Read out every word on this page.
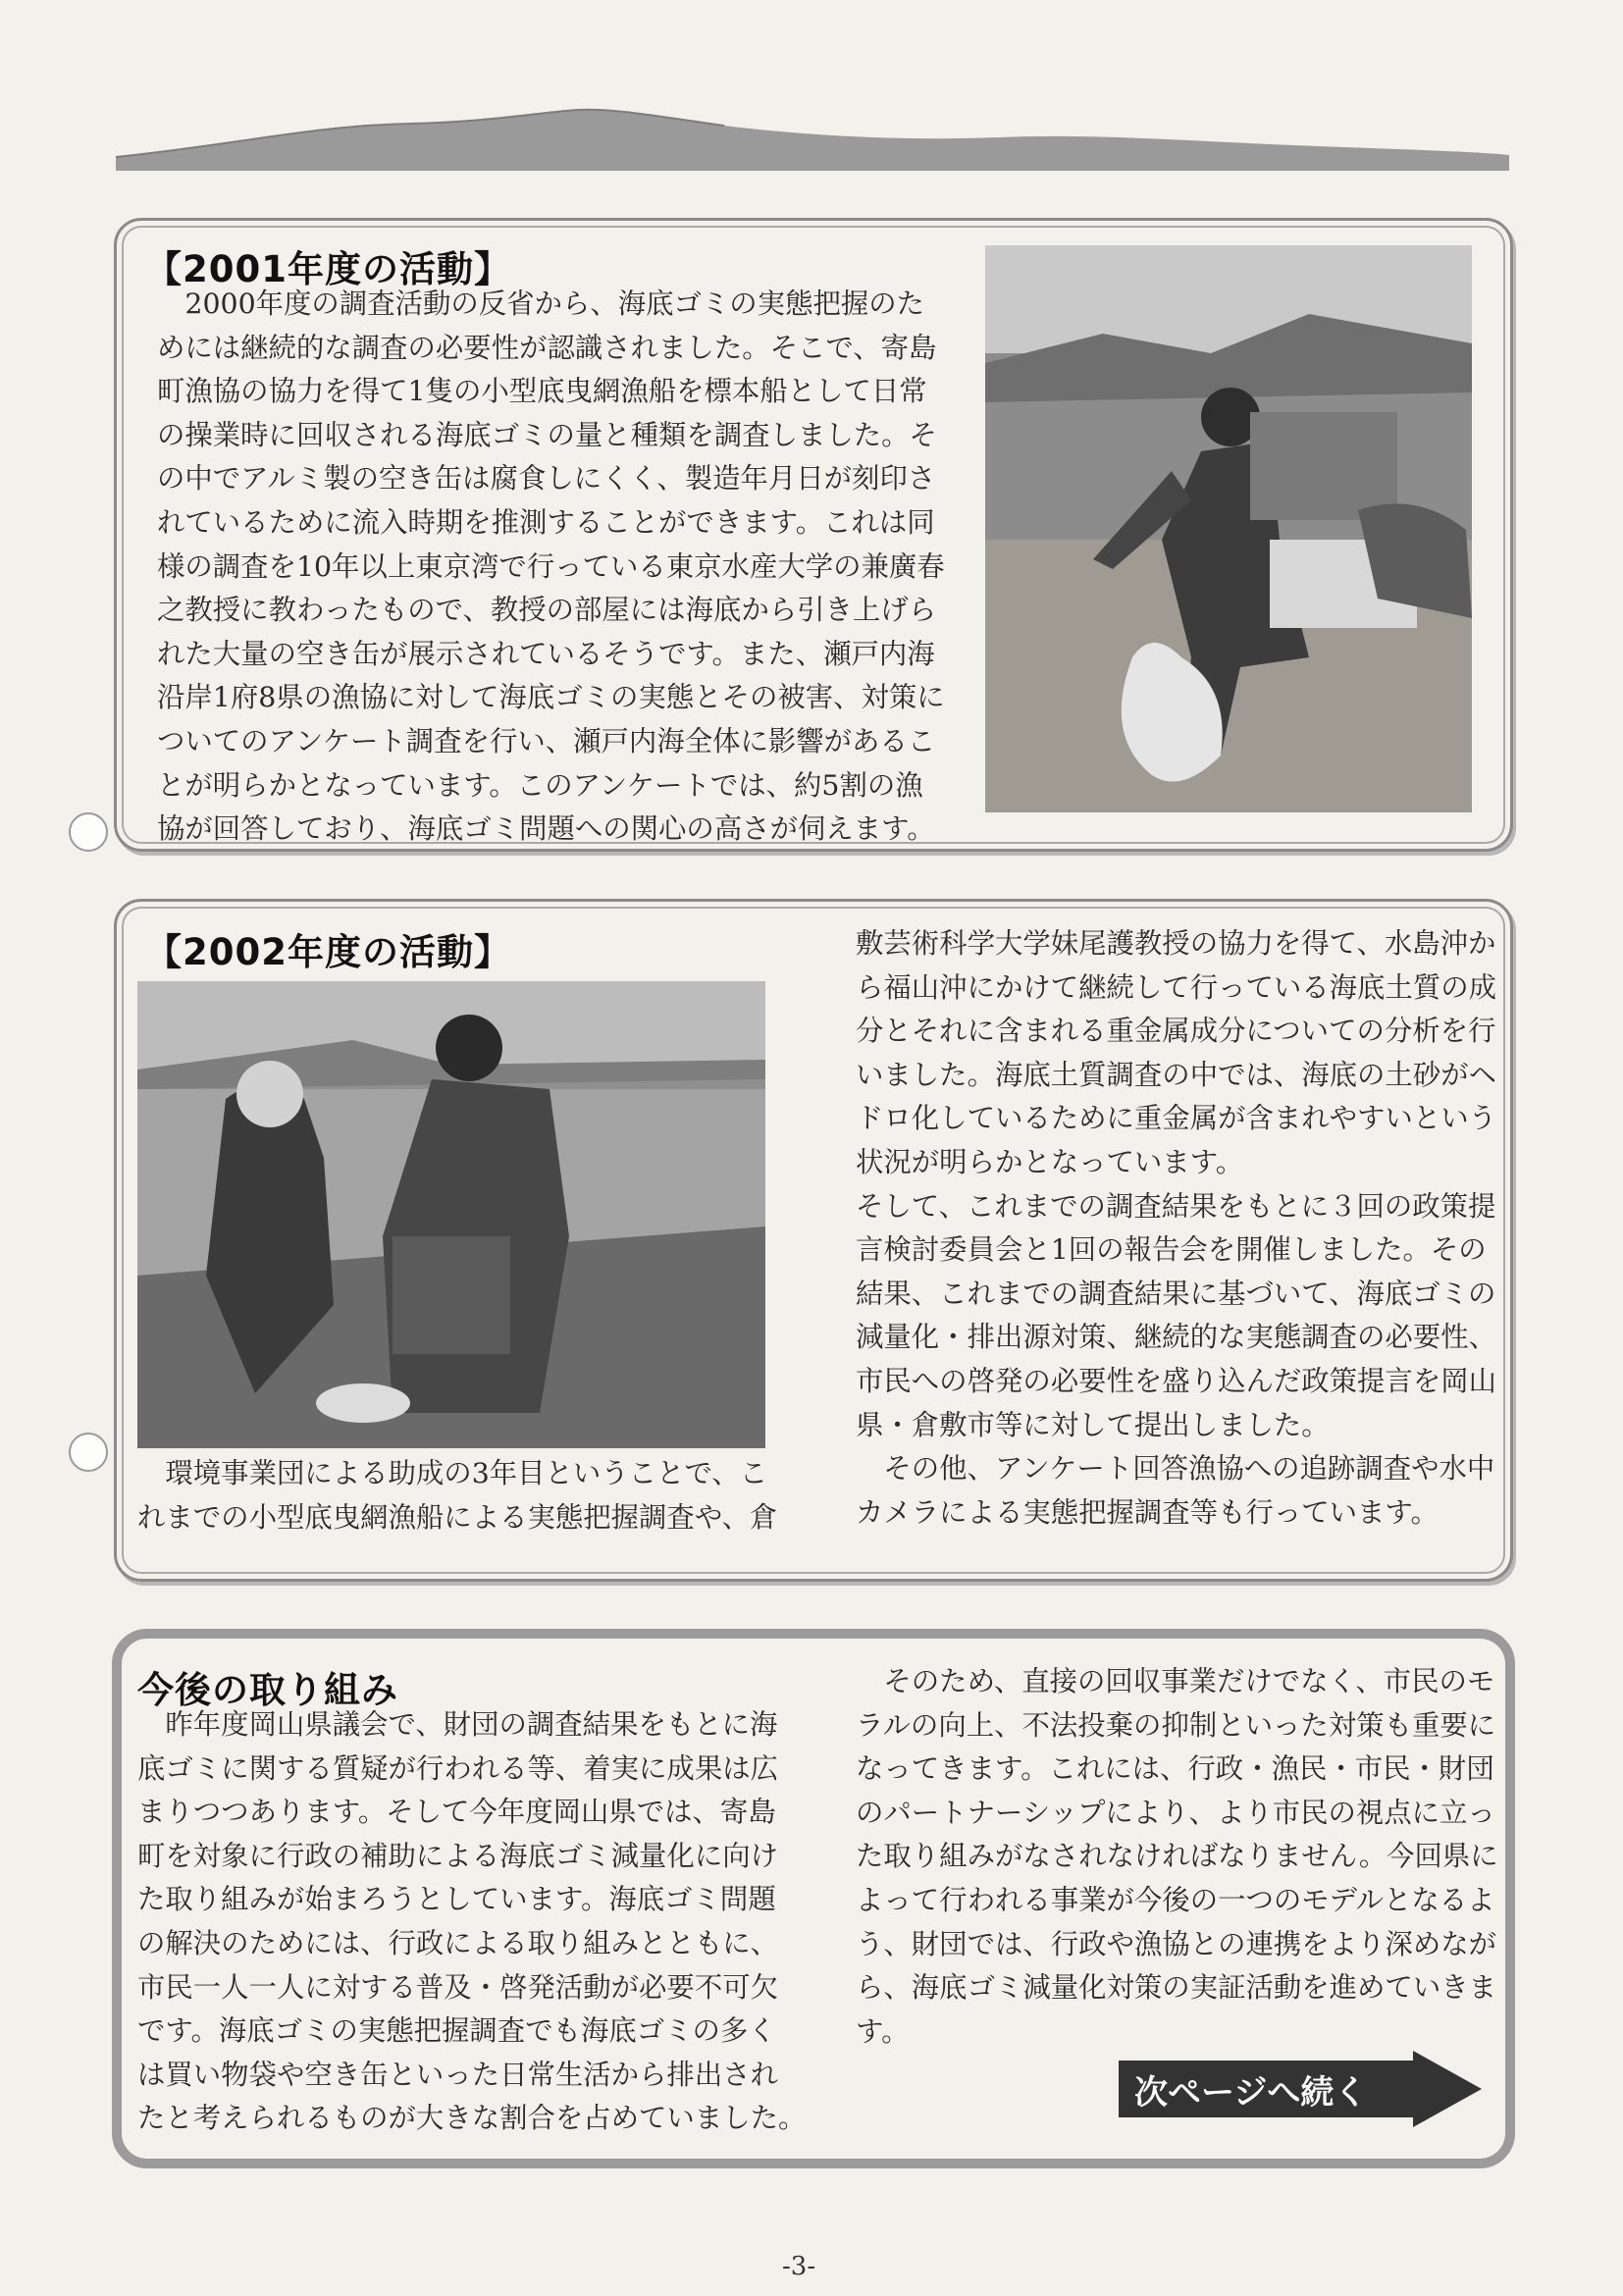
【2001年度の活動】
　2000年度の調査活動の反省から、海底ゴミの実態把握のた
めには継続的な調査の必要性が認識されました。そこで、寄島
町漁協の協力を得て1隻の小型底曳網漁船を標本船として日常
の操業時に回収される海底ゴミの量と種類を調査しました。そ
の中でアルミ製の空き缶は腐食しにくく、製造年月日が刻印さ
れているために流入時期を推測することができます。これは同
様の調査を10年以上東京湾で行っている東京水産大学の兼廣春
之教授に教わったもので、教授の部屋には海底から引き上げら
れた大量の空き缶が展示されているそうです。また、瀬戸内海
沿岸1府8県の漁協に対して海底ゴミの実態とその被害、対策に
ついてのアンケート調査を行い、瀬戸内海全体に影響があるこ
とが明らかとなっています。このアンケートでは、約5割の漁
協が回答しており、海底ゴミ問題への関心の高さが伺えます。
【2002年度の活動】
　環境事業団による助成の3年目ということで、こ
れまでの小型底曳網漁船による実態把握調査や、倉
敷芸術科学大学妹尾護教授の協力を得て、水島沖か
ら福山沖にかけて継続して行っている海底土質の成
分とそれに含まれる重金属成分についての分析を行
いました。海底土質調査の中では、海底の土砂がヘ
ドロ化しているために重金属が含まれやすいという
状況が明らかとなっています。
そして、これまでの調査結果をもとに３回の政策提
言検討委員会と1回の報告会を開催しました。その
結果、これまでの調査結果に基づいて、海底ゴミの
減量化・排出源対策、継続的な実態調査の必要性、
市民への啓発の必要性を盛り込んだ政策提言を岡山
県・倉敷市等に対して提出しました。
　その他、アンケート回答漁協への追跡調査や水中
カメラによる実態把握調査等も行っています。
今後の取り組み
　昨年度岡山県議会で、財団の調査結果をもとに海
底ゴミに関する質疑が行われる等、着実に成果は広
まりつつあります。そして今年度岡山県では、寄島
町を対象に行政の補助による海底ゴミ減量化に向け
た取り組みが始まろうとしています。海底ゴミ問題
の解決のためには、行政による取り組みとともに、
市民一人一人に対する普及・啓発活動が必要不可欠
です。海底ゴミの実態把握調査でも海底ゴミの多く
は買い物袋や空き缶といった日常生活から排出され
たと考えられるものが大きな割合を占めていました。
　そのため、直接の回収事業だけでなく、市民のモ
ラルの向上、不法投棄の抑制といった対策も重要に
なってきます。これには、行政・漁民・市民・財団
のパートナーシップにより、より市民の視点に立っ
た取り組みがなされなければなりません。今回県に
よって行われる事業が今後の一つのモデルとなるよ
う、財団では、行政や漁協との連携をより深めなが
ら、海底ゴミ減量化対策の実証活動を進めていきま
す。
次ページへ続く
-3-
